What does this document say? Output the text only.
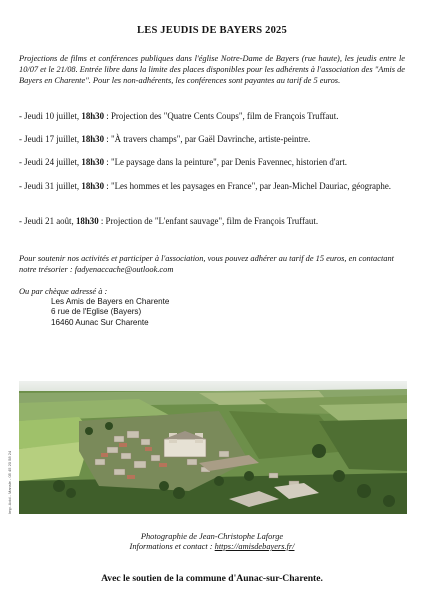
LES JEUDIS DE BAYERS 2025
Projections de films et conférences publiques dans l'église Notre-Dame de Bayers (rue haute), les jeudis entre le 10/07 et le 21/08. Entrée libre dans la limite des places disponibles pour les adhérents à l'association des "Amis de Bayers en Charente". Pour les non-adhérents, les conférences sont payantes au tarif de 5 euros.
- Jeudi 10 juillet, 18h30 : Projection des "Quatre Cents Coups", film de François Truffaut.
- Jeudi 17 juillet, 18h30 : "À travers champs", par Gaël Davrinche, artiste-peintre.
- Jeudi 24 juillet, 18h30 : "Le paysage dans la peinture", par Denis Favennec, historien d'art.
- Jeudi 31 juillet, 18h30 : "Les hommes et les paysages en France", par Jean-Michel Dauriac, géographe.
- Jeudi 21 août, 18h30 : Projection de "L'enfant sauvage", film de François Truffaut.
Pour soutenir nos activités et participer à l'association, vous pouvez adhérer au tarif de 15 euros, en contactant notre trésorier : fadyenaccache@outlook.com
Ou par chèque adressé à :
Les Amis de Bayers en Charente
6 rue de l'Eglise (Bayers)
16460 Aunac Sur Charente
Imp. Acid - Mansle - 05 45 20 58 24
Photographie de Jean-Christophe Laforge
Informations et contact : https://amisdebayers.fr/
Avec le soutien de la commune d'Aunac-sur-Charente.
